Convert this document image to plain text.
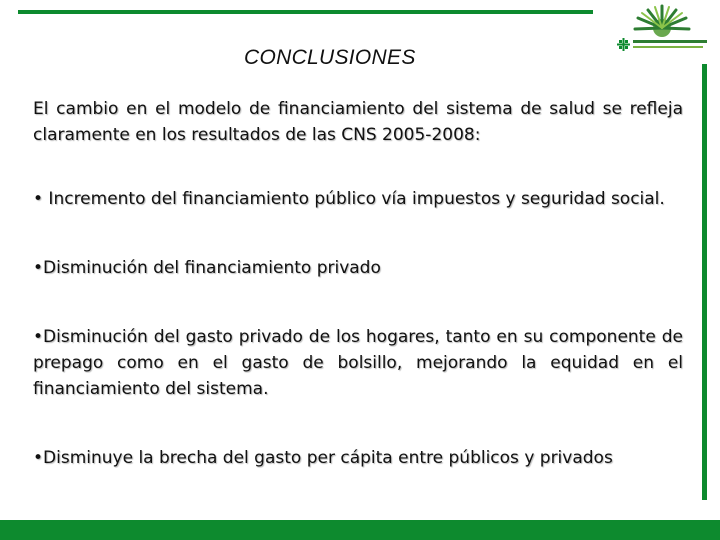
CONCLUSIONES

El cambio en el modelo de financiamiento del sistema de salud se refleja claramente en los resultados de las CNS 2005-2008:

• Incremento del financiamiento público vía impuestos y seguridad social.

•Disminución del financiamiento privado

•Disminución del gasto privado de los hogares, tanto en su componente de prepago como en el gasto de bolsillo, mejorando la equidad en el financiamiento del sistema.

•Disminuye la brecha del gasto per cápita entre públicos y privados
